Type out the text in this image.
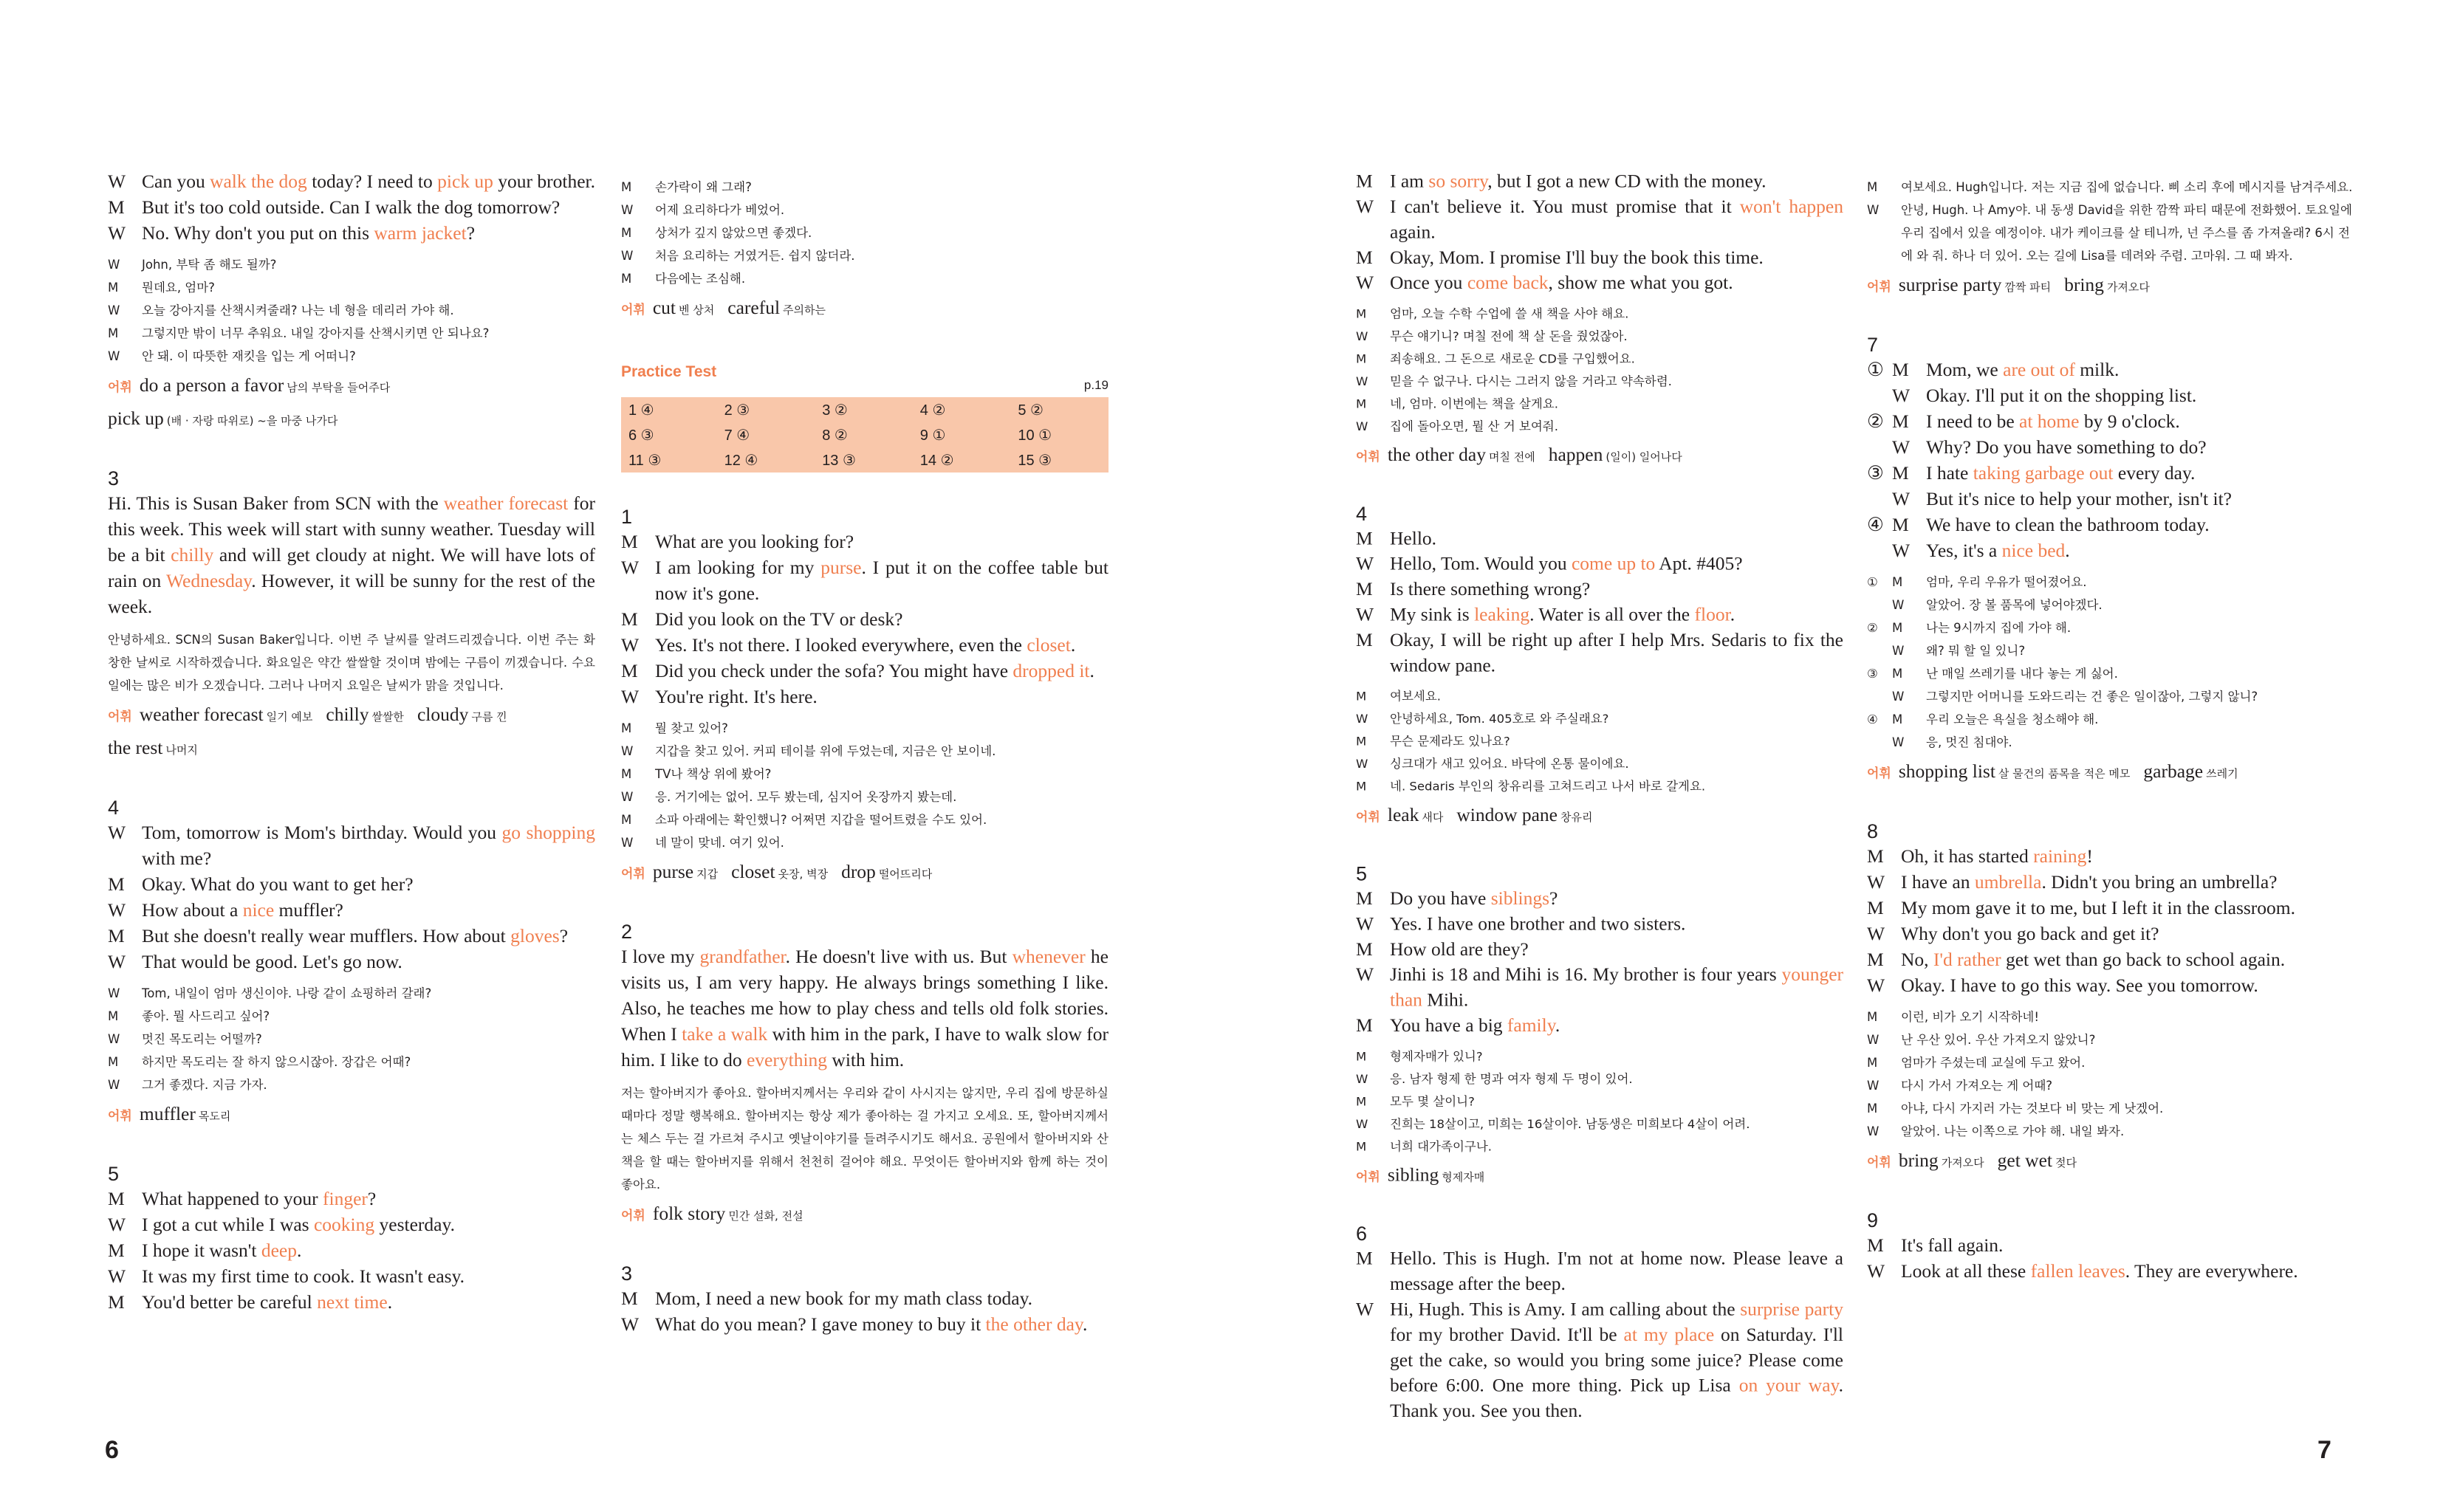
W Can you walk the dog today? I need to pick up your brother.
M But it's too cold outside. Can I walk the dog tomorrow?
W No. Why don't you put on this warm jacket?
W	John, 부탁 좀 해도 될까?
M	뭔데요, 엄마?
W	오늘 강아지를 산책시켜줄래? 나는 네 형을 데리러 가야 해.
M	그렇지만 밖이 너무 추워요. 내일 강아지를 산책시키면 안 되나요?
W	안 돼. 이 따뜻한 재킷을 입는 게 어떠니?
어휘 do a person a favor 남의 부탁을 들어주다
pick up (배 · 자랑 따위로) ~을 마중 나가다
3

Hi. This is Susan Baker from SCN with the weather forecast for this week. This week will start with sunny weather. Tuesday will be a bit chilly and will get cloudy at night. We will have lots of rain on Wednesday. However, it will be sunny for the rest of the week.

안녕하세요. SCN의 Susan Baker입니다. 이번 주 날씨를 알려드리겠습니다. 이번 주는 화창한 날씨로 시작하겠습니다. 화요일은 약간 쌀쌀할 것이며 밤에는 구름이 끼겠습니다. 수요일에는 많은 비가 오겠습니다. 그러나 나머지 요일은 날씨가 맑을 것입니다.
어휘 weather forecast 일기 예보 chilly 쌀쌀한 cloudy 구름 낀
the rest 나머지
4
W Tom, tomorrow is Mom's birthday. Would you go shopping with me?
M Okay. What do you want to get her?
W How about a nice muffler?
M But she doesn't really wear mufflers. How about gloves?
W That would be good. Let's go now.
W	Tom, 내일이 엄마 생신이야. 나랑 같이 쇼핑하러 갈래?
M	좋아. 뭘 사드리고 싶어?
W	멋진 목도리는 어떨까?
M	하지만 목도리는 잘 하지 않으시잖아. 장갑은 어때?
W	그거 좋겠다. 지금 가자.
어휘 muffler 목도리
5
M What happened to your finger?
W I got a cut while I was cooking yesterday.
M I hope it wasn't deep.
W It was my first time to cook. It wasn't easy.
M You'd better be careful next time.
M	손가락이 왜 그래?
W	어제 요리하다가 베었어.
M	상처가 깊지 않았으면 좋겠다.
W	처음 요리하는 거였거든. 쉽지 않더라.
M	다음에는 조심해.
어휘 cut 벤 상처 careful 주의하는
Practice Test
p.19
1 ④	2 ③	3 ②	4 ②	5 ②
6 ③	7 ④	8 ②	9 ①	10 ①
11 ③	12 ④	13 ③	14 ②	15 ③
1
M What are you looking for?
W I am looking for my purse. I put it on the coffee table but now it's gone.
M Did you look on the TV or desk?
W Yes. It's not there. I looked everywhere, even the closet.
M Did you check under the sofa? You might have dropped it.
W You're right. It's here.
M	뭘 찾고 있어?
W	지갑을 찾고 있어. 커피 테이블 위에 두었는데, 지금은 안 보이네.
M	TV나 책상 위에 봤어?
W	응. 거기에는 없어. 모두 봤는데, 심지어 옷장까지 봤는데.
M	소파 아래에는 확인했니? 어쩌면 지갑을 떨어트렸을 수도 있어.
W	네 말이 맞네. 여기 있어.
어휘 purse 지갑 closet 옷장, 벽장 drop 떨어뜨리다
2

I love my grandfather. He doesn't live with us. But whenever he visits us, I am very happy. He always brings something I like. Also, he teaches me how to play chess and tells old folk stories. When I take a walk with him in the park, I have to walk slow for him. I like to do everything with him.

저는 할아버지가 좋아요. 할아버지께서는 우리와 같이 사시지는 않지만, 우리 집에 방문하실 때마다 정말 행복해요. 할아버지는 항상 제가 좋아하는 걸 가지고 오세요. 또, 할아버지께서는 체스 두는 걸 가르쳐 주시고 옛날이야기를 들려주시기도 해서요. 공원에서 할아버지와 산책을 할 때는 할아버지를 위해서 천천히 걸어야 해요. 무엇이든 할아버지와 함께 하는 것이 좋아요.
어휘 folk story 민간 설화, 전설
3
M Mom, I need a new book for my math class today.
W What do you mean? I gave money to buy it the other day.
M I am so sorry, but I got a new CD with the money.
W I can't believe it. You must promise that it won't happen again.
M Okay, Mom. I promise I'll buy the book this time.
W Once you come back, show me what you got.
M	엄마, 오늘 수학 수업에 쓸 새 책을 사야 해요.
W	무슨 얘기니? 며칠 전에 책 살 돈을 줬었잖아.
M	죄송해요. 그 돈으로 새로운 CD를 구입했어요.
W	믿을 수 없구나. 다시는 그러지 않을 거라고 약속하렴.
M	네, 엄마. 이번에는 책을 살게요.
W	집에 돌아오면, 뭘 산 거 보여줘.
어휘 the other day 며칠 전에 happen (일이) 일어나다
4
M Hello.
W Hello, Tom. Would you come up to Apt. #405?
M Is there something wrong?
W My sink is leaking. Water is all over the floor.
M Okay, I will be right up after I help Mrs. Sedaris to fix the window pane.
M	여보세요.
W	안녕하세요, Tom. 405호로 와 주실래요?
M	무슨 문제라도 있나요?
W	싱크대가 새고 있어요. 바닥에 온통 물이에요.
M	네. Sedaris 부인의 창유리를 고쳐드리고 나서 바로 갈게요.
어휘 leak 새다 window pane 창유리
5
M Do you have siblings?
W Yes. I have one brother and two sisters.
M How old are they?
W Jinhi is 18 and Mihi is 16. My brother is four years younger than Mihi.
M You have a big family.
M	형제자매가 있니?
W	응. 남자 형제 한 명과 여자 형제 두 명이 있어.
M	모두 몇 살이니?
W	진희는 18살이고, 미희는 16살이야. 남동생은 미희보다 4살이 어려.
M	너희 대가족이구나.
어휘 sibling 형제자매
6
M Hello. This is Hugh. I'm not at home now. Please leave a message after the beep.
W Hi, Hugh. This is Amy. I am calling about the surprise party for my brother David. It'll be at my place on Saturday. I'll get the cake, so would you bring some juice? Please come before 6:00. One more thing. Pick up Lisa on your way. Thank you. See you then.
M	여보세요. Hugh입니다. 저는 지금 집에 없습니다. 삐 소리 후에 메시지를 남겨주세요.
W	안녕, Hugh. 나 Amy야. 내 동생 David을 위한 깜짝 파티 때문에 전화했어. 토요일에 우리 집에서 있을 예정이야. 내가 케이크를 살 테니까, 넌 주스를 좀 가져올래? 6시 전에 와 줘. 하나 더 있어. 오는 길에 Lisa를 데려와 주렴. 고마워. 그 때 봐자.
어휘 surprise party 깜짝 파티 bring 가져오다
7
① M Mom, we are out of milk.
W Okay. I'll put it on the shopping list.
② M I need to be at home by 9 o'clock.
W Why? Do you have something to do?
③ M I hate taking garbage out every day.
W But it's nice to help your mother, isn't it?
④ M We have to clean the bathroom today.
W Yes, it's a nice bed.
①	M	엄마, 우리 우유가 떨어졌어요.
W	알았어. 장 볼 품목에 넣어야겠다.
②	M	나는 9시까지 집에 가야 해.
W	왜? 뭐 할 일 있니?
③	M	난 매일 쓰레기를 내다 놓는 게 싫어.
W	그렇지만 어머니를 도와드리는 건 좋은 일이잖아, 그렇지 않니?
④	M	우리 오늘은 욕실을 청소해야 해.
W	응, 멋진 침대야.
어휘 shopping list 살 물건의 품목을 적은 메모 garbage 쓰레기
8
M Oh, it has started raining!
W I have an umbrella. Didn't you bring an umbrella?
M My mom gave it to me, but I left it in the classroom.
W Why don't you go back and get it?
M No, I'd rather get wet than go back to school again.
W Okay. I have to go this way. See you tomorrow.
M	이런, 비가 오기 시작하네!
W	난 우산 있어. 우산 가져오지 않았니?
M	엄마가 주셨는데 교실에 두고 왔어.
W	다시 가서 가져오는 게 어때?
M	아냐, 다시 가지러 가는 것보다 비 맞는 게 낫겠어.
W	알았어. 나는 이쪽으로 가야 해. 내일 봐자.
어휘 bring 가져오다 get wet 젖다
9
M It's fall again.
W Look at all these fallen leaves. They are everywhere.
6	7
